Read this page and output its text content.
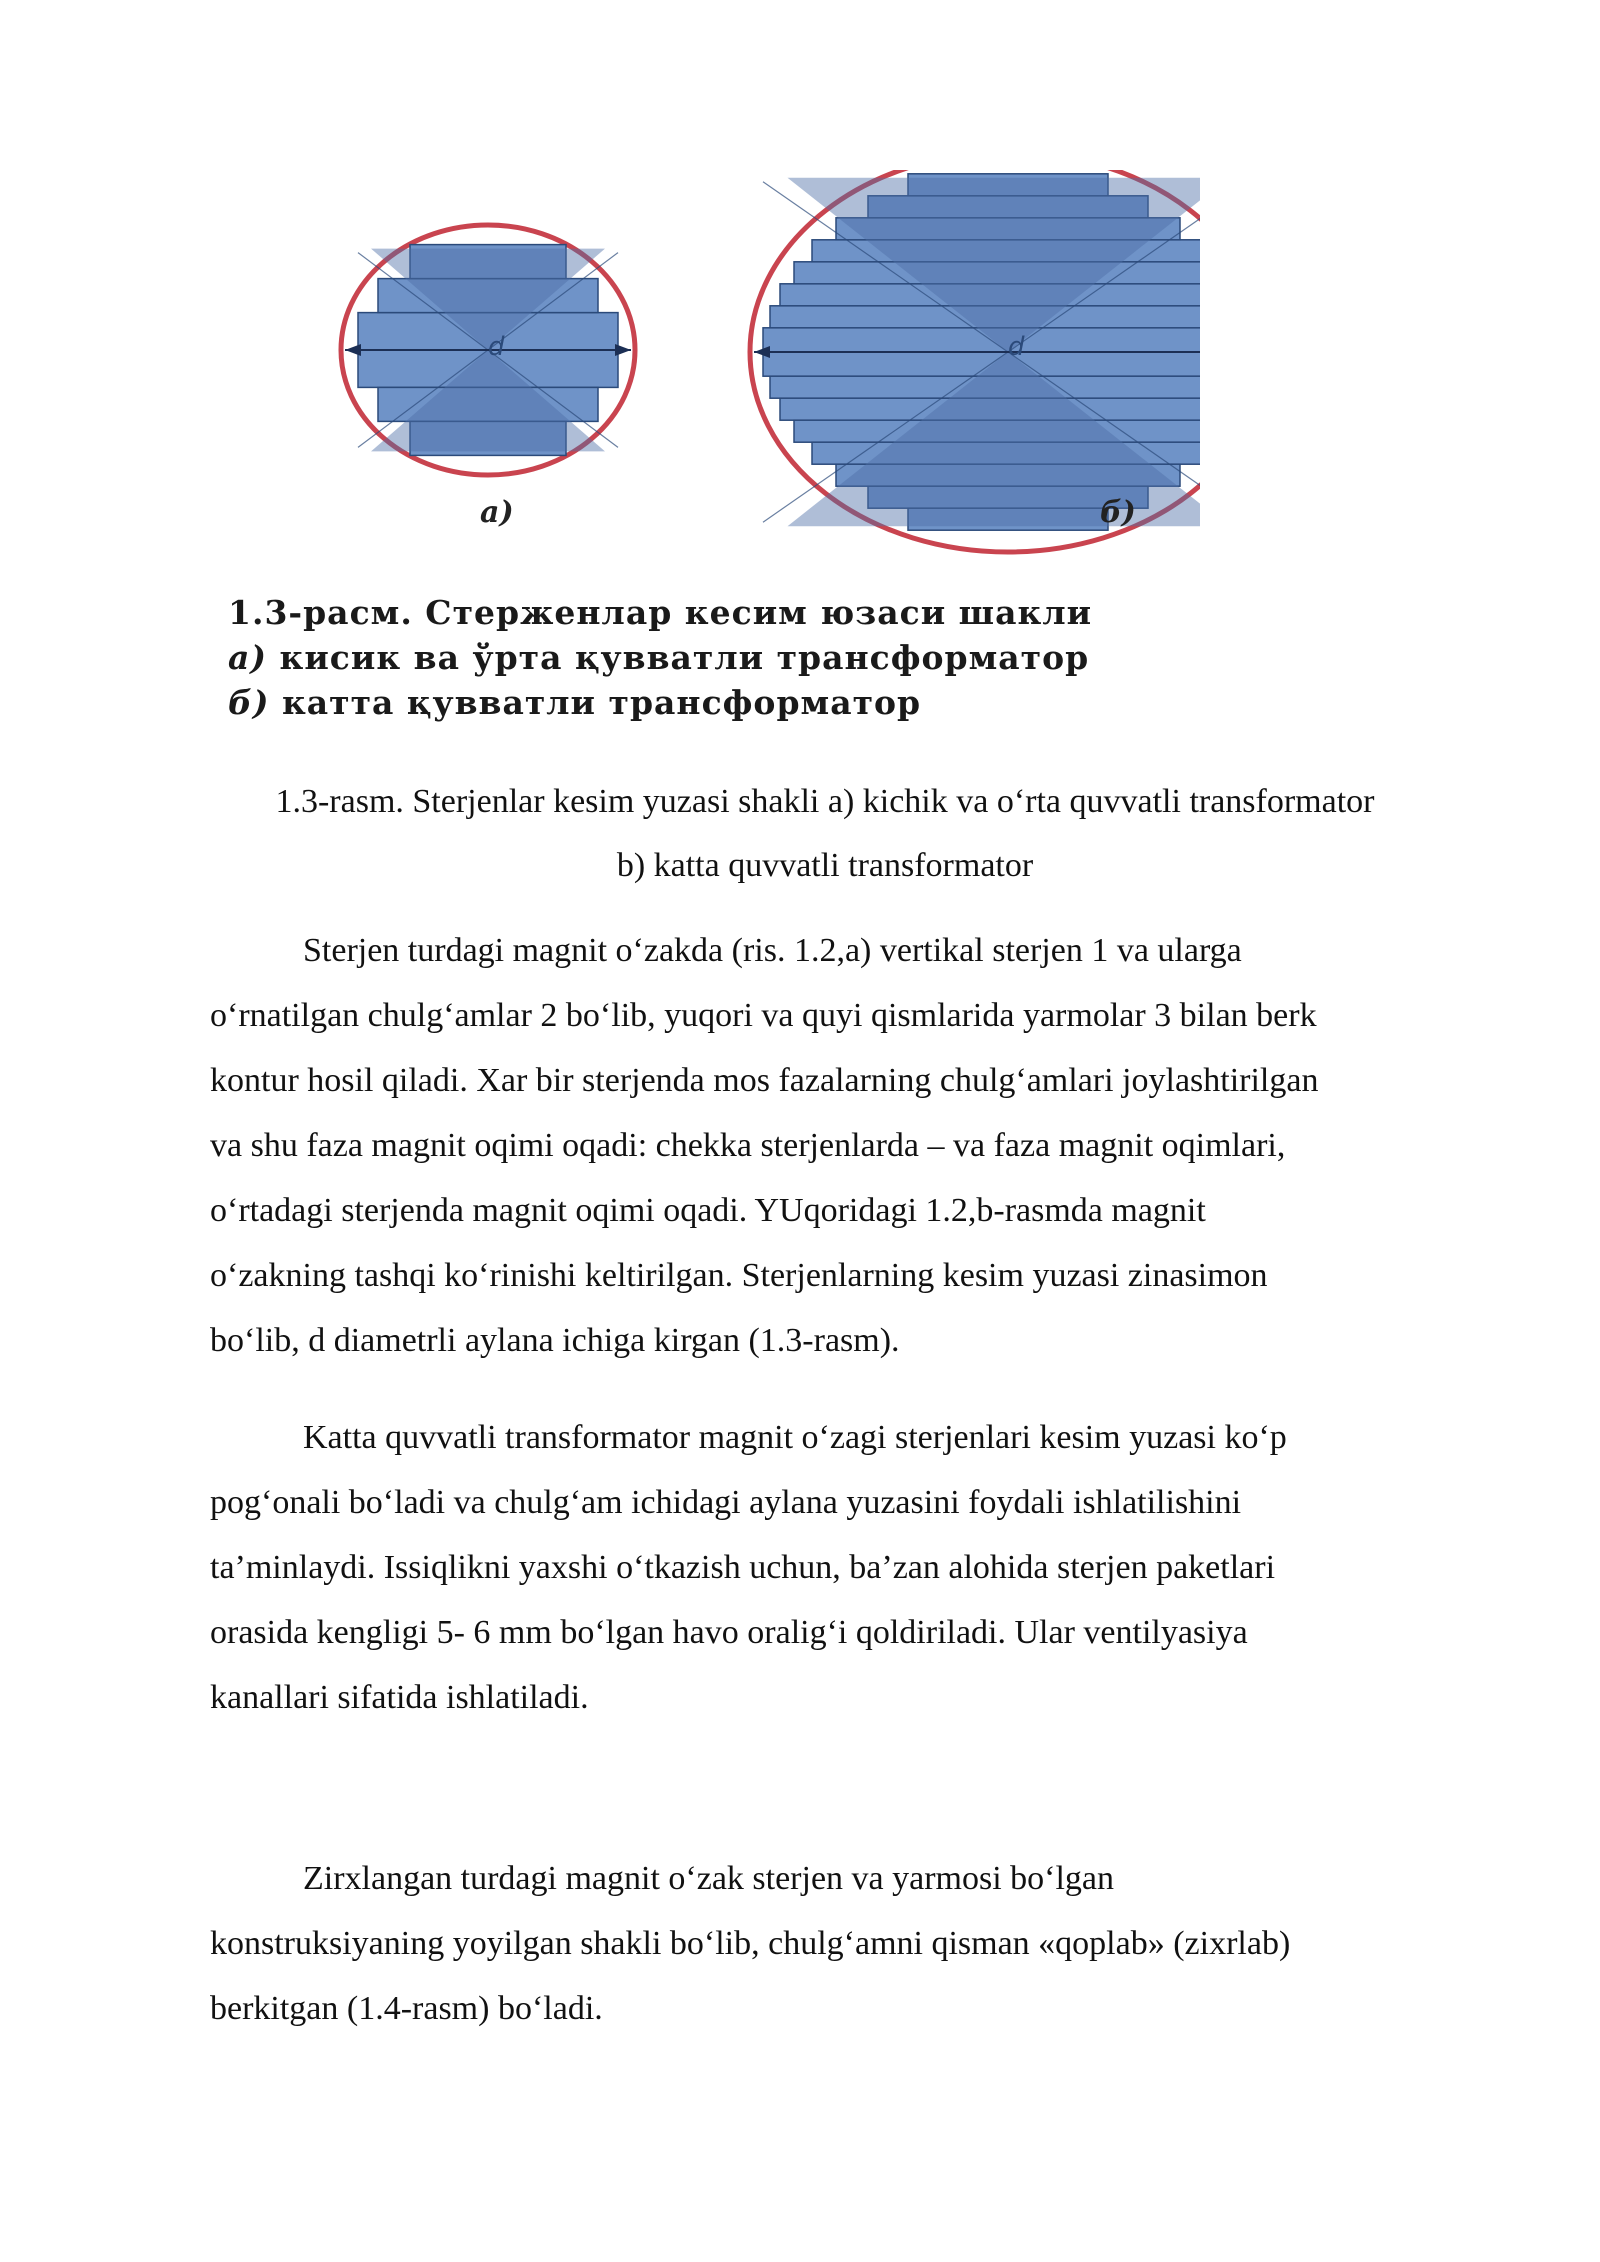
d	d
а)	б)
1.3-расм. Стерженлар кесим юзаси шакли
а) кисик ва ўрта қувватли трансформатор
б) катта қувватли трансформатор
1.3-rasm. Sterjenlar kesim yuzasi shakli a) kichik va o‘rta quvvatli transformator
b) katta quvvatli transformator
Sterjen turdagi magnit o‘zakda (ris. 1.2,a) vertikal sterjen 1 va ularga
o‘rnatilgan chulg‘amlar 2 bo‘lib, yuqori va quyi qismlarida yarmolar 3 bilan berk
kontur hosil qiladi. Xar bir sterjenda mos fazalarning chulg‘amlari joylashtirilgan
va shu faza magnit oqimi oqadi: chekka sterjenlarda – va faza magnit oqimlari,
o‘rtadagi sterjenda magnit oqimi oqadi. YUqoridagi 1.2,b-rasmda magnit
o‘zakning tashqi ko‘rinishi keltirilgan. Sterjenlarning kesim yuzasi zinasimon
bo‘lib, d diametrli aylana ichiga kirgan (1.3-rasm).
Katta quvvatli transformator magnit o‘zagi sterjenlari kesim yuzasi ko‘p
pog‘onali bo‘ladi va chulg‘am ichidagi aylana yuzasini foydali ishlatilishini
ta’minlaydi. Issiqlikni yaxshi o‘tkazish uchun, ba’zan alohida sterjen paketlari
orasida kengligi 5- 6 mm bo‘lgan havo oralig‘i qoldiriladi. Ular ventilyasiya
kanallari sifatida ishlatiladi.
Zirxlangan turdagi magnit o‘zak sterjen va yarmosi bo‘lgan
konstruksiyaning yoyilgan shakli bo‘lib, chulg‘amni qisman «qoplab» (zixrlab)
berkitgan (1.4-rasm) bo‘ladi.
